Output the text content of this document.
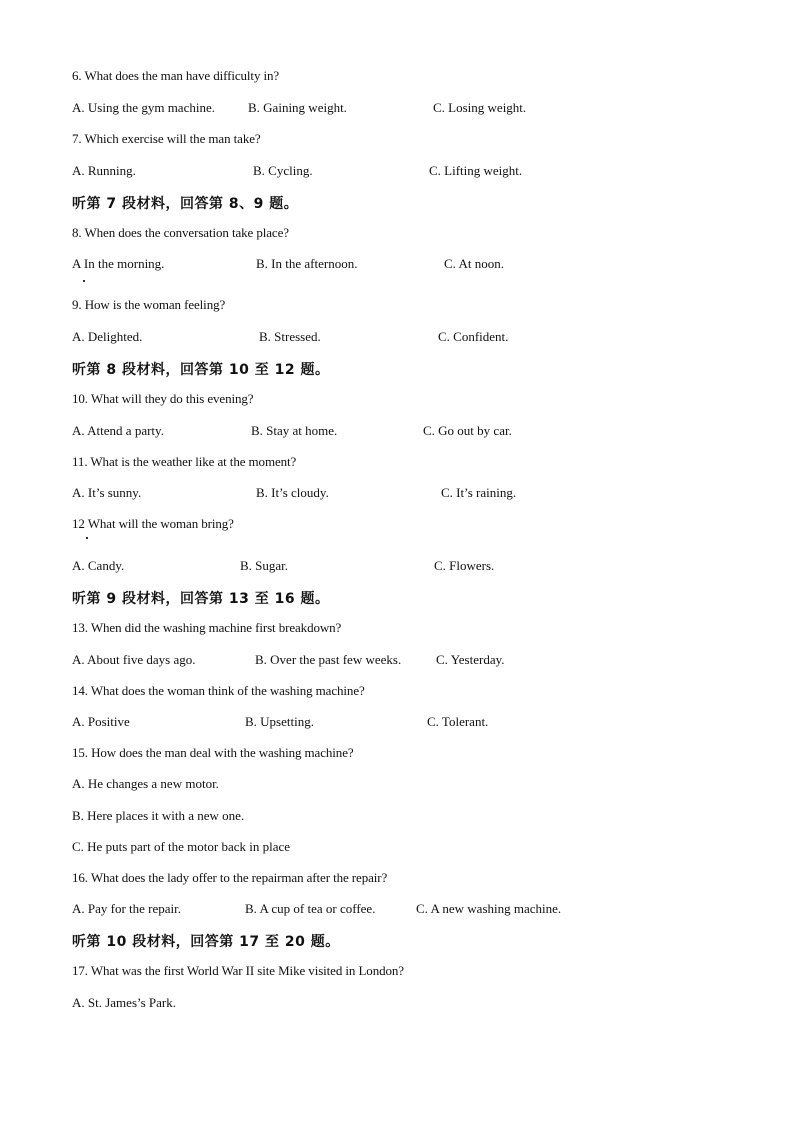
6. What does the man have difficulty in?
A. Using the gym machine.	B. Gaining weight.	C. Losing weight.
7. Which exercise will the man take?
A. Running.	B. Cycling.	C. Lifting weight.
听第 7 段材料，回答第 8、9 题。
8. When does the conversation take place?
A In the morning.	B. In the afternoon.	C. At noon.
9. How is the woman feeling?
A. Delighted.	B. Stressed.	C. Confident.
听第 8 段材料，回答第 10 至 12 题。
10. What will they do this evening?
A. Attend a party.	B. Stay at home.	C. Go out by car.
11. What is the weather like at the moment?
A. It’s sunny.	B. It’s cloudy.	C. It’s raining.
12 What will the woman bring?
A. Candy.	B. Sugar.	C. Flowers.
听第 9 段材料，回答第 13 至 16 题。
13. When did the washing machine first breakdown?
A. About five days ago.	B. Over the past few weeks.	C. Yesterday.
14. What does the woman think of the washing machine?
A. Positive	B. Upsetting.	C. Tolerant.
15. How does the man deal with the washing machine?
A. He changes a new motor.
B. Here places it with a new one.
C. He puts part of the motor back in place
16. What does the lady offer to the repairman after the repair?
A. Pay for the repair.	B. A cup of tea or coffee.	C. A new washing machine.
听第 10 段材料，回答第 17 至 20 题。
17. What was the first World War II site Mike visited in London?
A. St. James’s Park.
